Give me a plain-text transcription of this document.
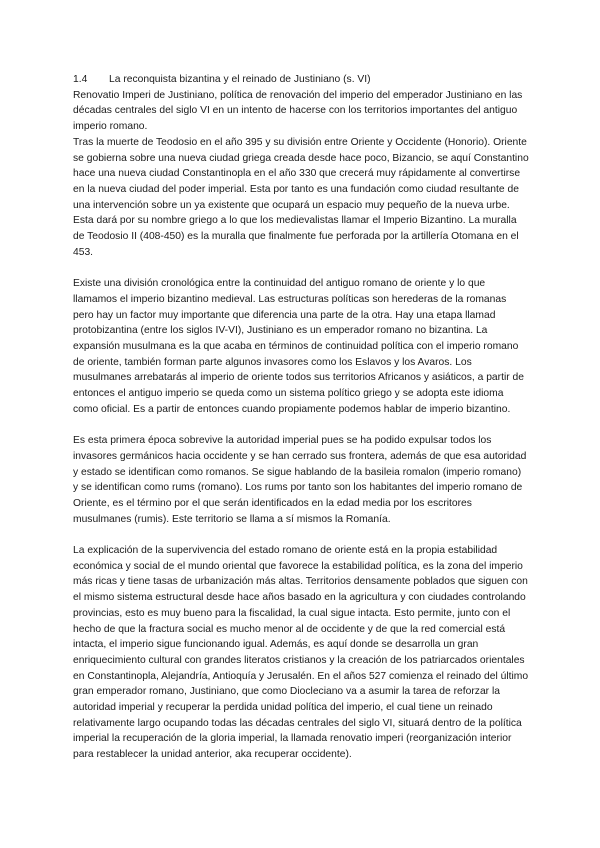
1.4	La reconquista bizantina y el reinado de Justiniano (s. VI)

Renovatio Imperi de Justiniano, política de renovación del imperio del emperador Justiniano en las décadas centrales del siglo VI en un intento de hacerse con los territorios importantes del antiguo imperio romano.

Tras la muerte de Teodosio en el año 395 y su división entre Oriente y Occidente (Honorio). Oriente se gobierna sobre una nueva ciudad griega creada desde hace poco, Bizancio, se aquí Constantino hace una nueva ciudad Constantinopla en el año 330 que crecerá muy rápidamente al convertirse en la nueva ciudad del poder imperial. Esta por tanto es una fundación como ciudad resultante de una intervención sobre un ya existente que ocupará un espacio muy pequeño de la nueva urbe. Esta dará por su nombre griego a lo que los medievalistas llamar el Imperio Bizantino. La muralla de Teodosio II (408-450) es la muralla que finalmente fue perforada por la artillería Otomana en el 453.

Existe una división cronológica entre la continuidad del antiguo romano de oriente y lo que llamamos el imperio bizantino medieval. Las estructuras políticas son herederas de la romanas pero hay un factor muy importante que diferencia una parte de la otra. Hay una etapa llamad protobizantina (entre los siglos IV-VI), Justiniano es un emperador romano no bizantina. La expansión musulmana es la que acaba en términos de continuidad política con el imperio romano de oriente, también forman parte algunos invasores como los Eslavos y los Avaros. Los musulmanes arrebatarás al imperio de oriente todos sus territorios Africanos y asiáticos, a partir de entonces el antiguo imperio se queda como un sistema político griego y se adopta este idioma como oficial. Es a partir de entonces cuando propiamente podemos hablar de imperio bizantino.

Es esta primera época sobrevive la autoridad imperial pues se ha podido expulsar todos los invasores germánicos hacia occidente y se han cerrado sus frontera, además de que esa autoridad y estado se identifican como romanos. Se sigue hablando de la basileia romalon (imperio romano) y se identifican como rums (romano). Los rums por tanto son los habitantes del imperio romano de Oriente, es el término por el que serán identificados en la edad media por los escritores musulmanes (rumis). Este territorio se llama a sí mismos la Romanía.

La explicación de la supervivencia del estado romano de oriente está en la propia estabilidad económica y social de el mundo oriental que favorece la estabilidad política, es la zona del imperio más ricas y tiene tasas de urbanización más altas. Territorios densamente poblados que siguen con el mismo sistema estructural desde hace años basado en la agricultura y con ciudades controlando provincias, esto es muy bueno para la fiscalidad, la cual sigue intacta. Esto permite, junto con el hecho de que la fractura social es mucho menor al de occidente y de que la red comercial está intacta, el imperio sigue funcionando igual. Además, es aquí donde se desarrolla un gran enriquecimiento cultural con grandes literatos cristianos y la creación de los patriarcados orientales en Constantinopla, Alejandría, Antioquía y Jerusalén. En el años 527 comienza el reinado del último gran emperador romano, Justiniano, que como Diocleciano va a asumir la tarea de reforzar la autoridad imperial y recuperar la perdida unidad política del imperio, el cual tiene un reinado relativamente largo ocupando todas las décadas centrales del siglo VI, situará dentro de la política imperial la recuperación de la gloria imperial, la llamada renovatio imperi (reorganización interior para restablecer la unidad anterior, aka recuperar occidente).
